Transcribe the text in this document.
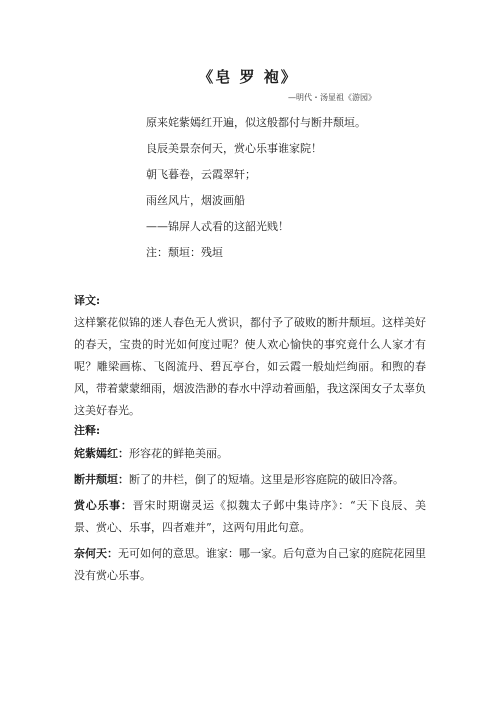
《皂 罗 袍》
—明代・汤显祖《游园》
原来姹紫嫣红开遍，似这般都付与断井颓垣。
良辰美景奈何天，赏心乐事谁家院！
朝飞暮卷，云霞翠轩；
雨丝风片，烟波画船
——锦屏人忒看的这韶光贱！
注：颓垣：残垣
译文:
这样繁花似锦的迷人春色无人赏识，都付予了破败的断井颓垣。这样美好的春天，宝贵的时光如何度过呢？使人欢心愉快的事究竟什么人家才有呢？雕梁画栋、飞阁流丹、碧瓦亭台，如云霞一般灿烂绚丽。和煦的春风，带着蒙蒙细雨，烟波浩渺的春水中浮动着画船，我这深闺女子太辜负这美好春光。
注释:

姹紫嫣红：形容花的鲜艳美丽。

断井颓垣：断了的井栏，倒了的短墙。这里是形容庭院的破旧冷落。

赏心乐事：晋宋时期谢灵运《拟魏太子邺中集诗序》：“天下良辰、美景、赏心、乐事，四者难并”，这两句用此句意。

奈何天：无可如何的意思。谁家：哪一家。后句意为自己家的庭院花园里没有赏心乐事。
